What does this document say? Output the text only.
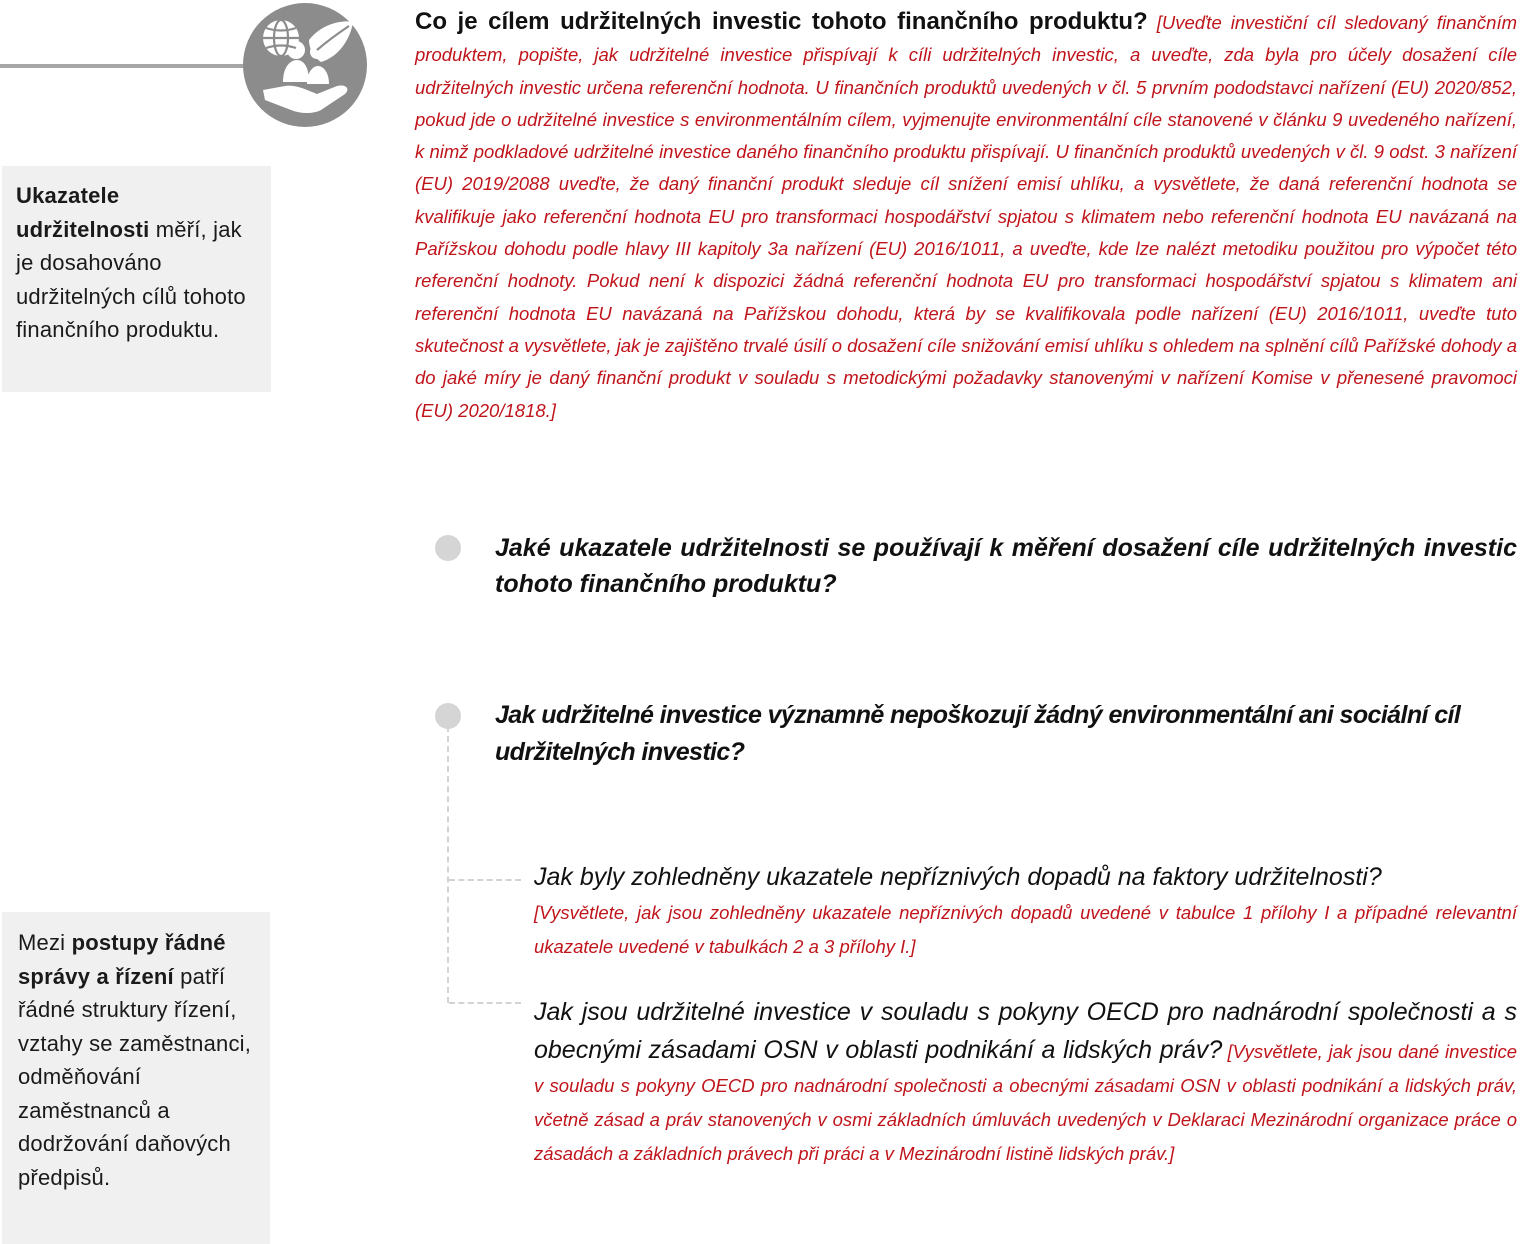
Ukazatele udržitelnosti měří, jak je dosahováno udržitelných cílů tohoto finančního produktu.
Co je cílem udržitelných investic tohoto finančního produktu? [Uveďte investiční cíl sledovaný finančním produktem, popište, jak udržitelné investice přispívají k cíli udržitelných investic, a uveďte, zda byla pro účely dosažení cíle udržitelných investic určena referenční hodnota. U finančních produktů uvedených v čl. 5 prvním pododstavci nařízení (EU) 2020/852, pokud jde o udržitelné investice s environmentálním cílem, vyjmenujte environmentální cíle stanovené v článku 9 uvedeného nařízení, k nimž podkladové udržitelné investice daného finančního produktu přispívají. U finančních produktů uvedených v čl. 9 odst. 3 nařízení (EU) 2019/2088 uveďte, že daný finanční produkt sleduje cíl snížení emisí uhlíku, a vysvětlete, že daná referenční hodnota se kvalifikuje jako referenční hodnota EU pro transformaci hospodářství spjatou s klimatem nebo referenční hodnota EU navázaná na Pařížskou dohodu podle hlavy III kapitoly 3a nařízení (EU) 2016/1011, a uveďte, kde lze nalézt metodiku použitou pro výpočet této referenční hodnoty. Pokud není k dispozici žádná referenční hodnota EU pro transformaci hospodářství spjatou s klimatem ani referenční hodnota EU navázaná na Pařížskou dohodu, která by se kvalifikovala podle nařízení (EU) 2016/1011, uveďte tuto skutečnost a vysvětlete, jak je zajištěno trvalé úsilí o dosažení cíle snižování emisí uhlíku s ohledem na splnění cílů Pařížské dohody a do jaké míry je daný finanční produkt v souladu s metodickými požadavky stanovenými v nařízení Komise v přenesené pravomoci (EU) 2020/1818.]
Jaké ukazatele udržitelnosti se používají k měření dosažení cíle udržitelných investic tohoto finančního produktu?
Jak udržitelné investice významně nepoškozují žádný environmentální ani sociální cíl udržitelných investic?
Jak byly zohledněny ukazatele nepříznivých dopadů na faktory udržitelnosti?
[Vysvětlete, jak jsou zohledněny ukazatele nepříznivých dopadů uvedené v tabulce 1 přílohy I a případné relevantní ukazatele uvedené v tabulkách 2 a 3 přílohy I.]
Jak jsou udržitelné investice v souladu s pokyny OECD pro nadnárodní společnosti a s obecnými zásadami OSN v oblasti podnikání a lidských práv? [Vysvětlete, jak jsou dané investice v souladu s pokyny OECD pro nadnárodní společnosti a obecnými zásadami OSN v oblasti podnikání a lidských práv, včetně zásad a práv stanovených v osmi základních úmluvách uvedených v Deklaraci Mezinárodní organizace práce o zásadách a základních právech při práci a v Mezinárodní listině lidských práv.]
Mezi postupy řádné správy a řízení patří řádné struktury řízení, vztahy se zaměstnanci, odměňování zaměstnanců a dodržování daňových předpisů.
